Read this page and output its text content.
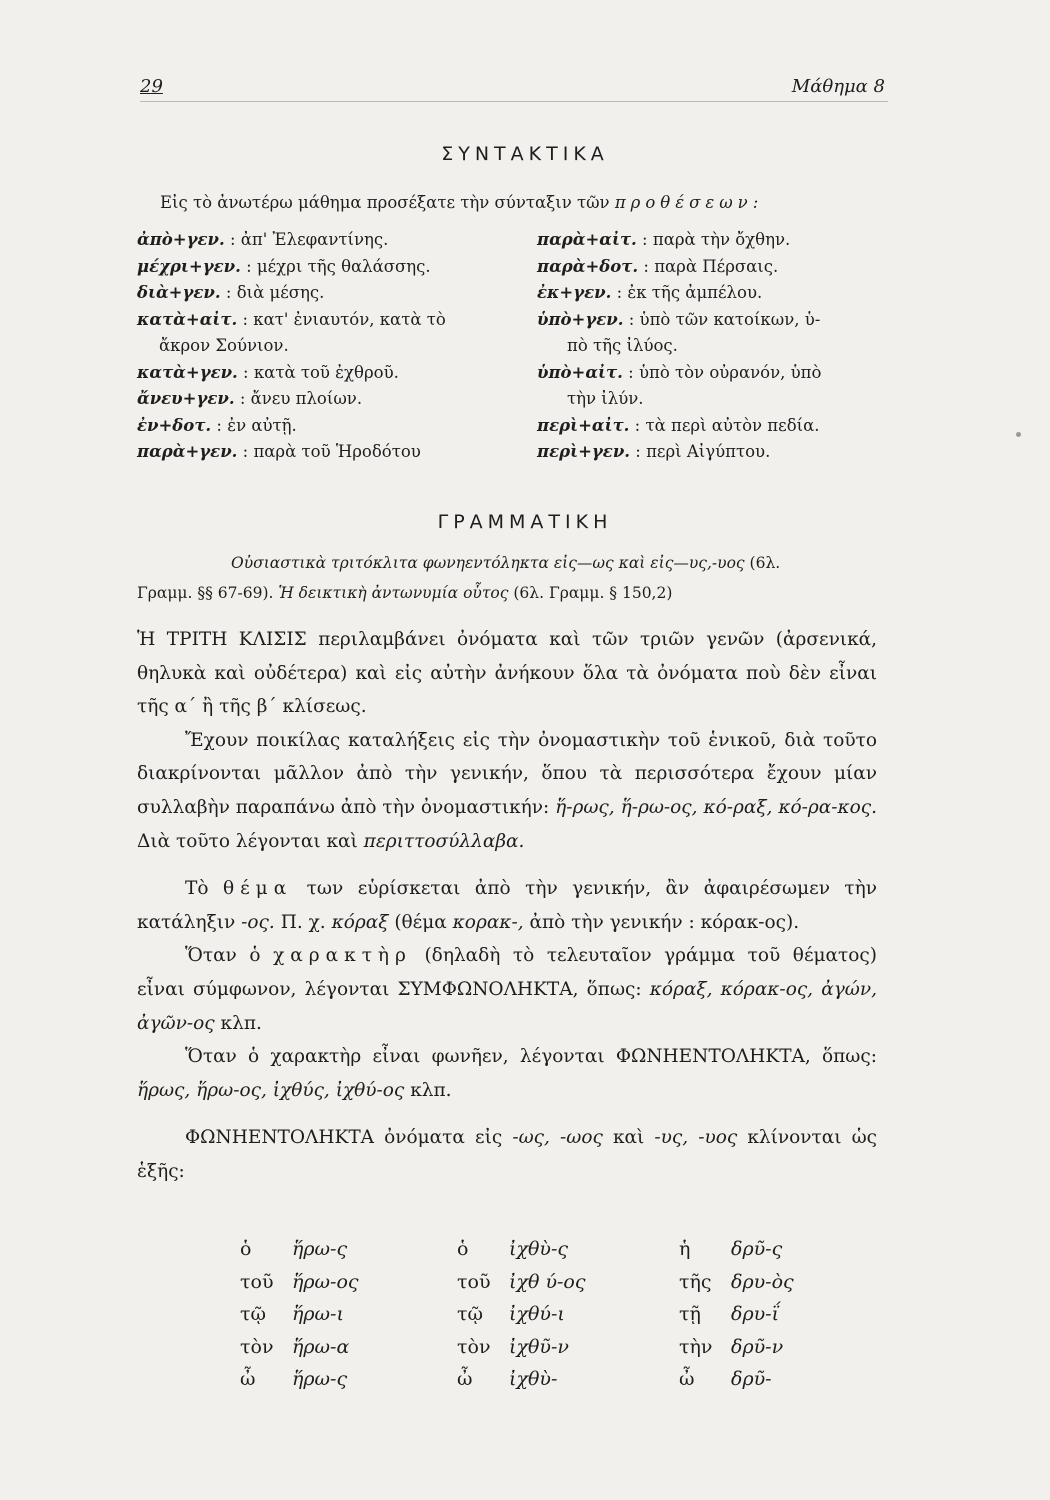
29	Μάθημα 8
ΣΥΝΤΑΚΤΙΚΑ
Εἰς τὸ ἀνωτέρω μάθημα προσέξατε τὴν σύνταξιν τῶν προθέσεων:
ἀπὸ+γεν. : ἀπ' Ἐλεφαντίνης.
μέχρι+γεν. : μέχρι τῆς θαλάσσης.
διὰ+γεν. : διὰ μέσης.
κατὰ+αἰτ. : κατ' ἐνιαυτόν, κατὰ τὸ
ἄκρον Σούνιον.
κατὰ+γεν. : κατὰ τοῦ ἐχθροῦ.
ἄνευ+γεν. : ἄνευ πλοίων.
ἐν+δοτ. : ἐν αὐτῇ.
παρὰ+γεν. : παρὰ τοῦ Ἡροδότου
παρὰ+αἰτ. : παρὰ τὴν ὄχθην.
παρὰ+δοτ. : παρὰ Πέρσαις.
ἐκ+γεν. : ἐκ τῆς ἀμπέλου.
ὑπὸ+γεν. : ὑπὸ τῶν κατοίκων, ὑ-
πὸ τῆς ἰλύος.
ὑπὸ+αἰτ. : ὑπὸ τὸν οὐρανόν, ὑπὸ
τὴν ἰλύν.
περὶ+αἰτ. : τὰ περὶ αὐτὸν πεδία.
περὶ+γεν. : περὶ Αἰγύπτου.
ΓΡΑΜΜΑΤΙΚΗ
Οὐσιαστικὰ τριτόκλιτα φωνηεντόληκτα εἰς—ως καὶ εἰς—υς,-υος (6λ.
Γραμμ. §§ 67-69). Ἡ δεικτικὴ ἀντωνυμία οὗτος (6λ. Γραμμ. § 150,2)

Ἡ ΤΡΙΤΗ ΚΛΙΣΙΣ περιλαμβάνει ὀνόματα καὶ τῶν τριῶν γενῶν (ἀρσενικά, θηλυκὰ καὶ οὐδέτερα) καὶ εἰς αὐτὴν ἀνήκουν ὅλα τὰ ὀνόματα ποὺ δὲν εἶναι τῆς α΄ ἢ τῆς β΄ κλίσεως.

Ἔχουν ποικίλας καταλήξεις εἰς τὴν ὀνομαστικὴν τοῦ ἑνικοῦ, διὰ τοῦτο διακρίνονται μᾶλλον ἀπὸ τὴν γενικήν, ὅπου τὰ περισσότερα ἔχουν μίαν συλλαβὴν παραπάνω ἀπὸ τὴν ὀνομαστικήν: ἥ-ρως, ἥ-ρω-ος, κό-ραξ, κό-ρα-κος. Διὰ τοῦτο λέγονται καὶ περιττοσύλλαβα.

Τὸ θέμα των εὑρίσκεται ἀπὸ τὴν γενικήν, ἂν ἀφαιρέσωμεν τὴν κατάληξιν -ος. Π. χ. κόραξ (θέμα κορακ-, ἀπὸ τὴν γενικήν : κόρακ-ος).

Ὅταν ὁ χαρακτὴρ (δηλαδὴ τὸ τελευταῖον γράμμα τοῦ θέματος) εἶναι σύμφωνον, λέγονται ΣΥΜΦΩΝΟΛΗΚΤΑ, ὅπως: κόραξ, κόρακ-ος, ἀγών, ἀγῶν-ος κλπ.

Ὅταν ὁ χαρακτὴρ εἶναι φωνῆεν, λέγονται ΦΩΝΗΕΝΤΟΛΗΚΤΑ, ὅπως: ἥρως, ἥρω-ος, ἰχθύς, ἰχθύ-ος κλπ.

ΦΩΝΗΕΝΤΟΛΗΚΤΑ ὀνόματα εἰς -ως, -ωος καὶ -υς, -υος κλίνονται ὡς ἑξῆς:

ὁ	ἥρω-ς	ὁ	ἰχθὺ-ς	ἡ	δρῦ-ς
τοῦ ἥρω-ος	τοῦ ἰχθ ύ-ος	τῆς	δρυ-ὸς
τῷ	ἥρω-ι	τῷ	ἰχθύ-ι	τῇ	δρυ-ΐ
τὸν ἥρω-α	τὸν ἰχθῦ-ν	τὴν δρῦ-ν
ὦ	ἥρω-ς	ὦ	ἰχθὺ-	ὦ	δρῦ-
